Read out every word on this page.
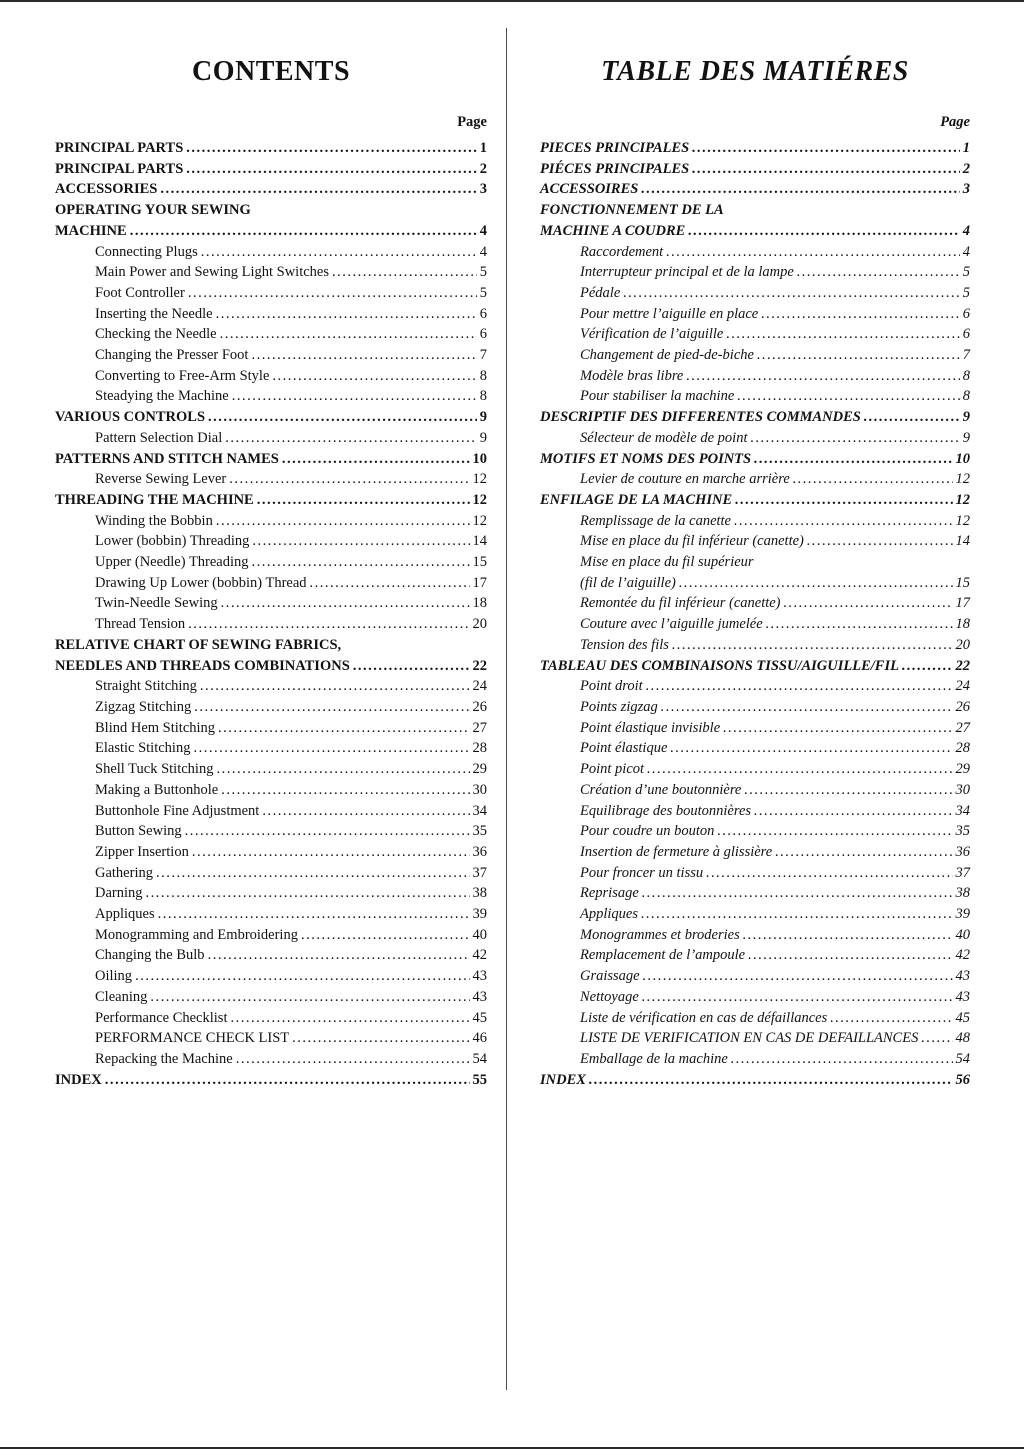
CONTENTS
Page
PRINCIPAL PARTS .....	1
PRINCIPAL PARTS .....	2
ACCESSORIES .....	3
OPERATING YOUR SEWING
MACHINE .....	4
Connecting Plugs .....	4
Main Power and Sewing Light Switches .....	5
Foot Controller .....	5
Inserting the Needle .....	6
Checking the Needle .....	6
Changing the Presser Foot .....	7
Converting to Free-Arm Style .....	8
Steadying the Machine .....	8
VARIOUS CONTROLS .....	9
Pattern Selection Dial .....	9
PATTERNS AND STITCH NAMES .....	10
Reverse Sewing Lever .....	12
THREADING THE MACHINE .....	12
Winding the Bobbin .....	12
Lower (bobbin) Threading .....	14
Upper (Needle) Threading .....	15
Drawing Up Lower (bobbin) Thread .....	17
Twin-Needle Sewing .....	18
Thread Tension .....	20
RELATIVE CHART OF SEWING FABRICS,
NEEDLES AND THREADS COMBINATIONS .....	22
Straight Stitching .....	24
Zigzag Stitching .....	26
Blind Hem Stitching .....	27
Elastic Stitching .....	28
Shell Tuck Stitching .....	29
Making a Buttonhole .....	30
Buttonhole Fine Adjustment .....	34
Button Sewing .....	35
Zipper Insertion .....	36
Gathering .....	37
Darning .....	38
Appliques .....	39
Monogramming and Embroidering .....	40
Changing the Bulb .....	42
Oiling .....	43
Cleaning .....	43
Performance Checklist .....	45
PERFORMANCE CHECK LIST .....	46
Repacking the Machine .....	54
INDEX .....	55
TABLE DES MATIÉRES
Page
PIECES PRINCIPALES .....	1
PIÉCES PRINCIPALES .....	2
ACCESSOIRES .....	3
FONCTIONNEMENT DE LA
MACHINE A COUDRE .....	4
Raccordement .....	4
Interrupteur principal et de la lampe .....	5
Pédale .....	5
Pour mettre l’aiguille en place .....	6
Vérification de l’aiguille .....	6
Changement de pied-de-biche .....	7
Modèle bras libre .....	8
Pour stabiliser la machine .....	8
DESCRIPTIF DES DIFFERENTES COMMANDES .....	9
Sélecteur de modèle de point .....	9
MOTIFS ET NOMS DES POINTS .....	10
Levier de couture en marche arrière .....	12
ENFILAGE DE LA MACHINE .....	12
Remplissage de la canette .....	12
Mise en place du fil inférieur (canette) .....	14
Mise en place du fil supérieur
(fil de l’aiguille) .....	15
Remontée du fil inférieur (canette) .....	17
Couture avec l’aiguille jumelée .....	18
Tension des fils .....	20
TABLEAU DES COMBINAISONS TISSU/AIGUILLE/FIL .....	22
Point droit .....	24
Points zigzag .....	26
Point élastique invisible .....	27
Point élastique .....	28
Point picot .....	29
Création d’une boutonnière .....	30
Equilibrage des boutonnières .....	34
Pour coudre un bouton .....	35
Insertion de fermeture à glissière .....	36
Pour froncer un tissu .....	37
Reprisage .....	38
Appliques .....	39
Monogrammes et broderies .....	40
Remplacement de l’ampoule .....	42
Graissage .....	43
Nettoyage .....	43
Liste de vérification en cas de défaillances .....	45
LISTE DE VERIFICATION EN CAS DE DEFAILLANCES .....	48
Emballage de la machine .....	54
INDEX .....	56
